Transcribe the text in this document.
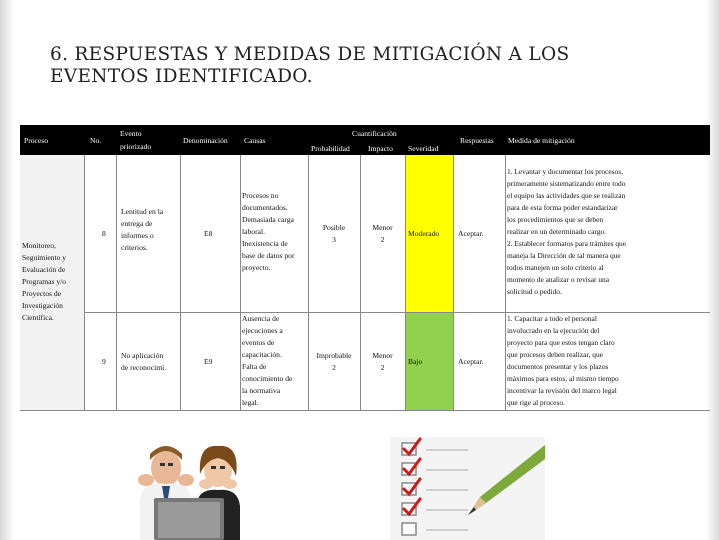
6. RESPUESTAS Y MEDIDAS DE MITIGACIÓN A LOS
EVENTOS IDENTIFICADO.
Proceso	No.
Evento
priorizado
Denominación Causas
Cuantificación
Probabilidad Impacto Severidad
Respuestas Medida de mitigación
Monitoreo,
Seguimiento y
Evaluación de
Programas y/o
Proyectos de
Investigación
Científica.
8
Lentitud en la
entrega de
informes o
criterios.
E8
Procesos no
documentados.
Demasiada carga
laboral.
Inexistencia de
base de datos por
proyecto.
Posible
3
Menor
2
Moderado Aceptar.
1. Levantar y documentar los procesos,
primeramente sistematizando entre todo
el equipo las actividades que se realizan
para de esta forma poder estandarizar
los procedimientos que se deben
realizar en un determinado cargo.
2. Establecer formatos para trámites que
maneja la Dirección de tal manera que
todos manejen un solo criterio al
momento de analizar o revisar una
solicitud o pedido.
9
No aplicación
de reconocimi.
E9
Ausencia de
ejecuciones a
eventos de
capacitación.
Falta de
conocimiento de
la normativa
legal.
Improbable
2
Menor
2
Bajo	Aceptar.
1. Capacitar a todo el personal
involucrado en la ejecución del
proyecto para que estos tengan claro
que procesos deben realizar, que
documentos presentar y los plazos
máximos para estos, al mismo tiempo
incentivar la revisión del marco legal
que rige al proceso.
